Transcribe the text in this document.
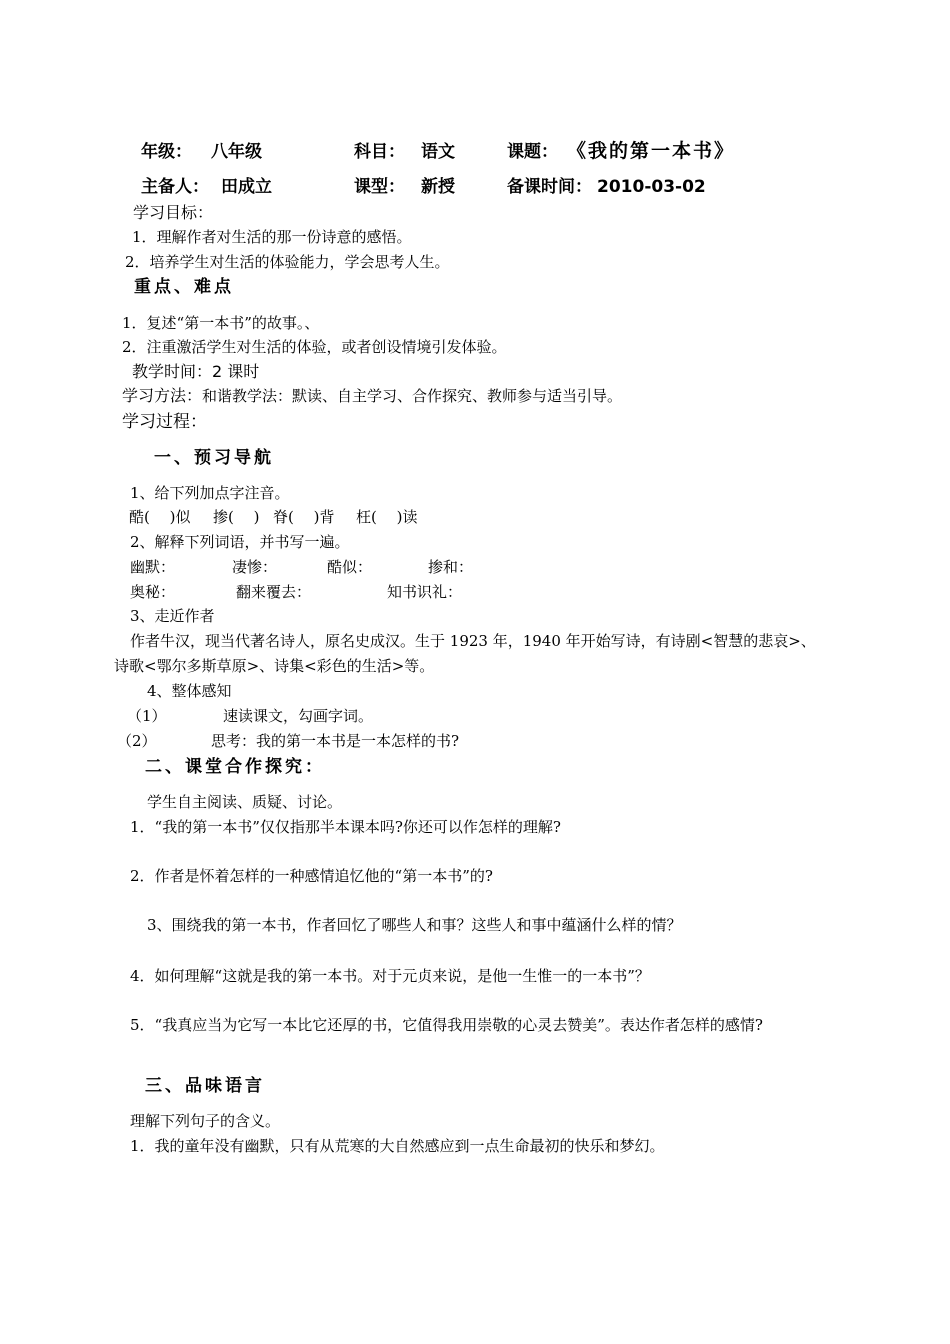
年级： 八年级	科目： 语文	课题： 《我的第一本书》
主备人： 田成立	课型： 新授	备课时间： 2010-03-02
学习目标：
1．理解作者对生活的那一份诗意的感悟。
2．培养学生对生活的体验能力，学会思考人生。
重点、难点
1．复述“第一本书”的故事。、
2．注重激活学生对生活的体验，或者创设情境引发体验。
教学时间：2 课时
学习方法：和谐教学法：默读、自主学习、合作探究、教师参与适当引导。
学习过程：
一、预习导航
1、给下列加点字注音。
酷(　 )似 掺(　 ) 脊(　 )背 枉(　 )读
2、解释下列词语，并书写一遍。
幽默：	凄惨：	酷似：	掺和：
奥秘：	翻来覆去：	知书识礼：
3、走近作者
作者牛汉，现当代著名诗人，原名史成汉。生于 1923 年，1940 年开始写诗，有诗剧<智慧的悲哀>、
诗歌<鄂尔多斯草原>、诗集<彩色的生活>等。
4、整体感知
（1）	速读课文，勾画字词。
（2）	思考：我的第一本书是一本怎样的书?
二、课堂合作探究：
学生自主阅读、质疑、讨论。
1．“我的第一本书”仅仅指那半本课本吗?你还可以作怎样的理解?
2．作者是怀着怎样的一种感情追忆他的“第一本书”的?
3、围绕我的第一本书，作者回忆了哪些人和事？这些人和事中蕴涵什么样的情？
4．如何理解“这就是我的第一本书。对于元贞来说，是他一生惟一的一本书”？
5．“我真应当为它写一本比它还厚的书，它值得我用崇敬的心灵去赞美”。表达作者怎样的感情?
三、品味语言
理解下列句子的含义。
1．我的童年没有幽默，只有从荒寒的大自然感应到一点生命最初的快乐和梦幻。
